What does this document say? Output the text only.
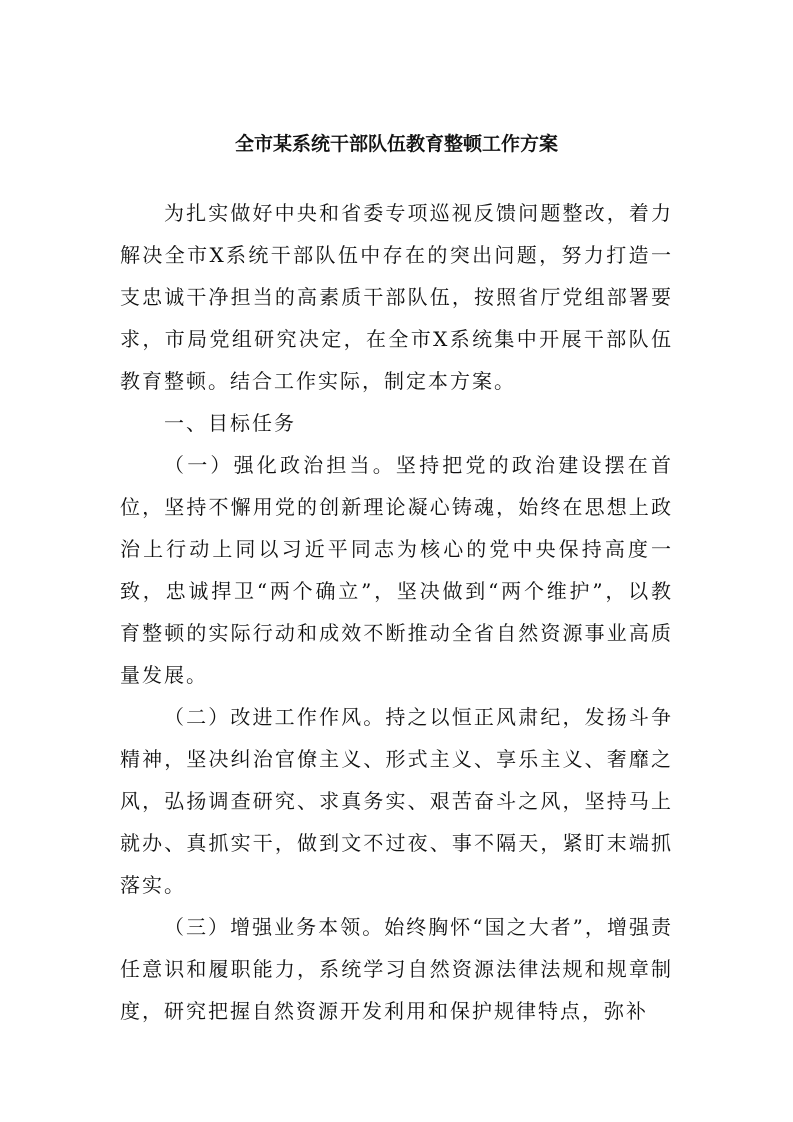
全市某系统干部队伍教育整顿工作方案

为扎实做好中央和省委专项巡视反馈问题整改，着力解决全市X系统干部队伍中存在的突出问题，努力打造一支忠诚干净担当的高素质干部队伍，按照省厅党组部署要求，市局党组研究决定，在全市X系统集中开展干部队伍教育整顿。结合工作实际，制定本方案。

一、目标任务

（一）强化政治担当。坚持把党的政治建设摆在首位，坚持不懈用党的创新理论凝心铸魂，始终在思想上政治上行动上同以习近平同志为核心的党中央保持高度一致，忠诚捍卫“两个确立”，坚决做到“两个维护”，以教育整顿的实际行动和成效不断推动全省自然资源事业高质量发展。

（二）改进工作作风。持之以恒正风肃纪，发扬斗争精神，坚决纠治官僚主义、形式主义、享乐主义、奢靡之风，弘扬调查研究、求真务实、艰苦奋斗之风，坚持马上就办、真抓实干，做到文不过夜、事不隔天，紧盯末端抓落实。

（三）增强业务本领。始终胸怀“国之大者”，增强责任意识和履职能力，系统学习自然资源法律法规和规章制度，研究把握自然资源开发利用和保护规律特点，弥补
